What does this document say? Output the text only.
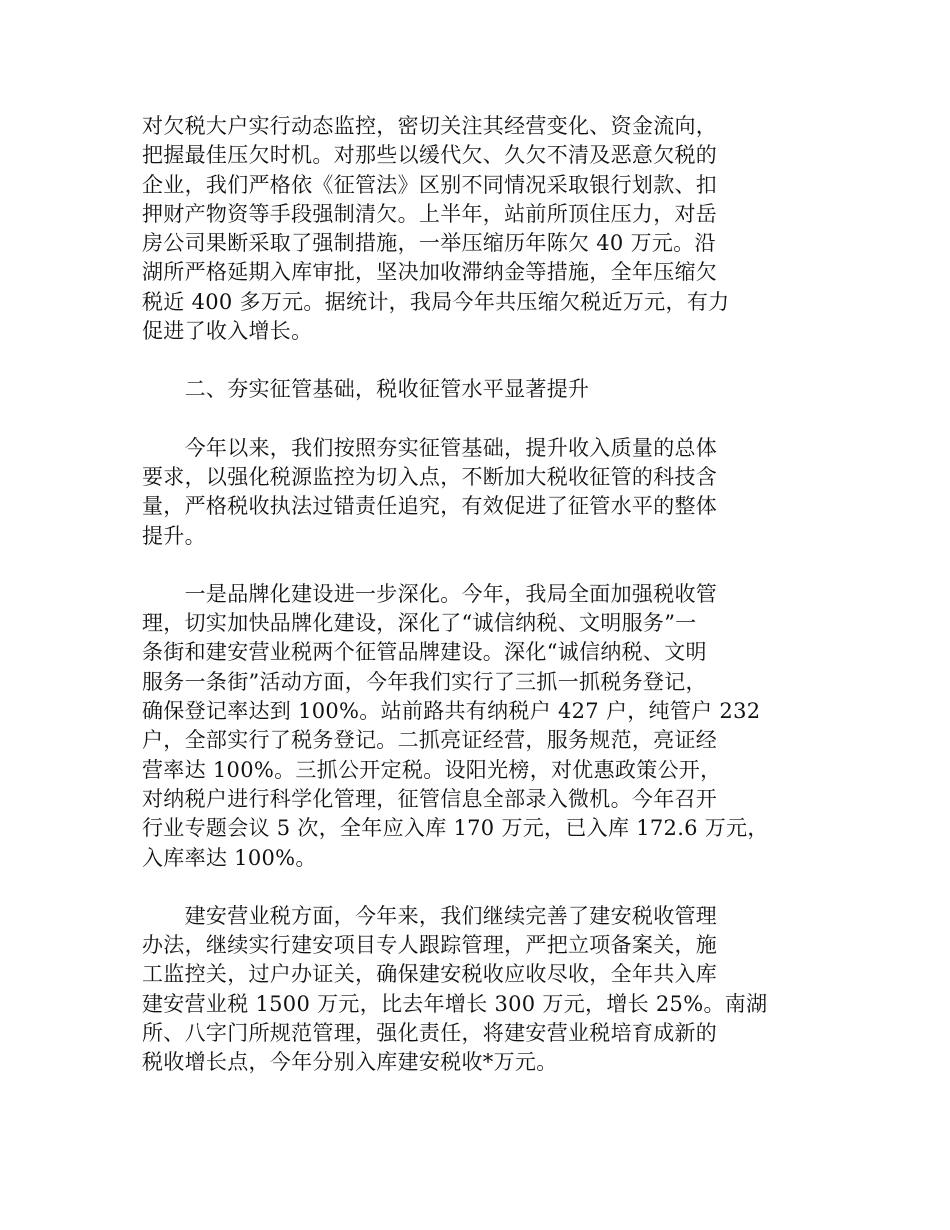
对欠税大户实行动态监控，密切关注其经营变化、资金流向，
把握最佳压欠时机。对那些以缓代欠、久欠不清及恶意欠税的
企业，我们严格依《征管法》区别不同情况采取银行划款、扣
押财产物资等手段强制清欠。上半年，站前所顶住压力，对岳
房公司果断采取了强制措施，一举压缩历年陈欠 40 万元。沿
湖所严格延期入库审批，坚决加收滞纳金等措施，全年压缩欠
税近 400 多万元。据统计，我局今年共压缩欠税近万元，有力
促进了收入增长。

　　二、夯实征管基础，税收征管水平显著提升

　　今年以来，我们按照夯实征管基础，提升收入质量的总体
要求，以强化税源监控为切入点，不断加大税收征管的科技含
量，严格税收执法过错责任追究，有效促进了征管水平的整体
提升。

　　一是品牌化建设进一步深化。今年，我局全面加强税收管
理，切实加快品牌化建设，深化了“诚信纳税、文明服务”一
条街和建安营业税两个征管品牌建设。深化“诚信纳税、文明
服务一条街”活动方面，今年我们实行了三抓一抓税务登记，
确保登记率达到 100%。站前路共有纳税户 427 户，纯管户 232
户，全部实行了税务登记。二抓亮证经营，服务规范，亮证经
营率达 100%。三抓公开定税。设阳光榜，对优惠政策公开，
对纳税户进行科学化管理，征管信息全部录入微机。今年召开
行业专题会议 5 次，全年应入库 170 万元，已入库 172.6 万元，
入库率达 100%。

　　建安营业税方面，今年来，我们继续完善了建安税收管理
办法，继续实行建安项目专人跟踪管理，严把立项备案关，施
工监控关，过户办证关，确保建安税收应收尽收，全年共入库
建安营业税 1500 万元，比去年增长 300 万元，增长 25%。南湖
所、八字门所规范管理，强化责任，将建安营业税培育成新的
税收增长点，今年分别入库建安税收*万元。
